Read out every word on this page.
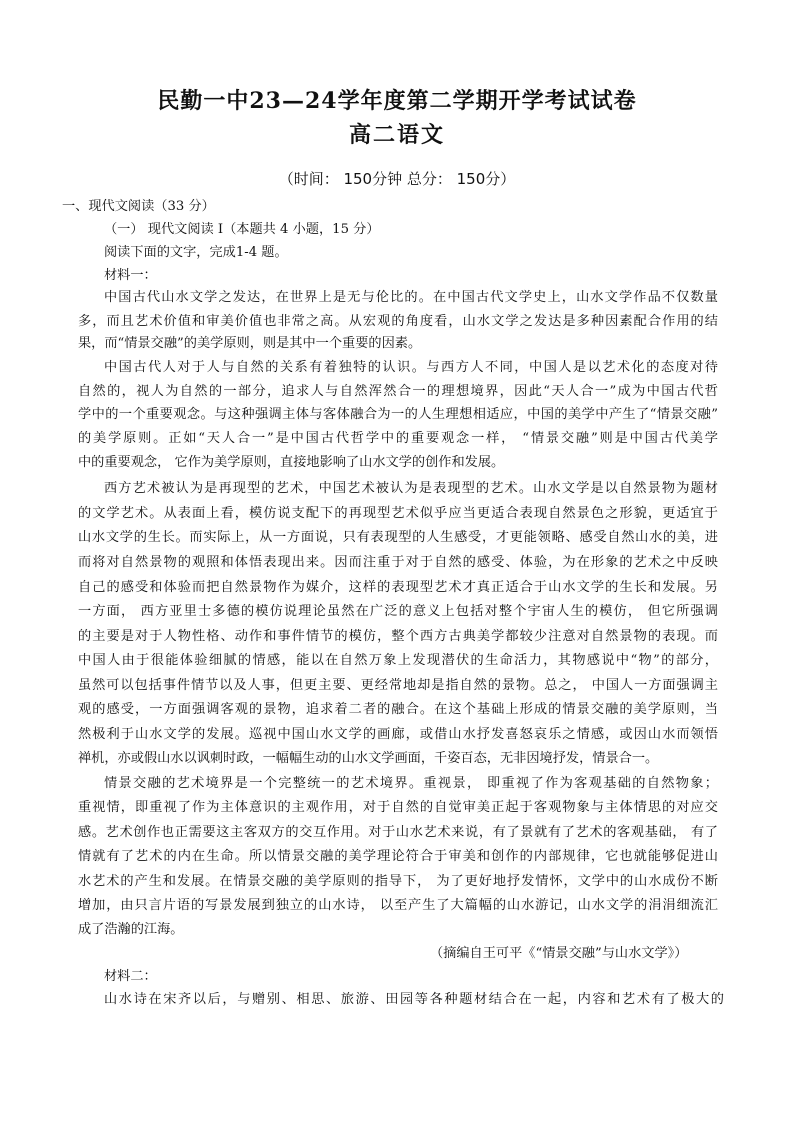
民勤一中23—24学年度第二学期开学考试试卷
高二语文
（时间： 150分钟 总分： 150分）
一、现代文阅读（33 分）
（一） 现代文阅读 I（本题共 4 小题，15 分）
阅读下面的文字，完成1-4 题。
材料一：
中国古代山水文学之发达，在世界上是无与伦比的。在中国古代文学史上，山水文学作品不仅数量
多，而且艺术价值和审美价值也非常之高。从宏观的角度看，山水文学之发达是多种因素配合作用的结
果，而“情景交融”的美学原则，则是其中一个重要的因素。
中国古代人对于人与自然的关系有着独特的认识。与西方人不同，中国人是以艺术化的态度对待
自然的，视人为自然的一部分，追求人与自然浑然合一的理想境界，因此“天人合一”成为中国古代哲
学中的一个重要观念。与这种强调主体与客体融合为一的人生理想相适应，中国的美学中产生了“情景交融”
的美学原则。正如“天人合一”是中国古代哲学中的重要观念一样， “情景交融”则是中国古代美学
中的重要观念， 它作为美学原则，直接地影响了山水文学的创作和发展。
西方艺术被认为是再现型的艺术，中国艺术被认为是表现型的艺术。山水文学是以自然景物为题材
的文学艺术。从表面上看，模仿说支配下的再现型艺术似乎应当更适合表现自然景色之形貌，更适宜于
山水文学的生长。而实际上，从一方面说，只有表现型的人生感受，才更能领略、感受自然山水的美，进
而将对自然景物的观照和体悟表现出来。因而注重于对于自然的感受、体验，为在形象的艺术之中反映
自己的感受和体验而把自然景物作为媒介，这样的表现型艺术才真正适合于山水文学的生长和发展。另
一方面， 西方亚里士多德的模仿说理论虽然在广泛的意义上包括对整个宇宙人生的模仿， 但它所强调
的主要是对于人物性格、动作和事件情节的模仿，整个西方古典美学都较少注意对自然景物的表现。而
中国人由于很能体验细腻的情感，能以在自然万象上发现潜伏的生命活力，其物感说中“物”的部分，
虽然可以包括事件情节以及人事，但更主要、更经常地却是指自然的景物。总之， 中国人一方面强调主
观的感受，一方面强调客观的景物，追求着二者的融合。在这个基础上形成的情景交融的美学原则，当
然极利于山水文学的发展。巡视中国山水文学的画廊，或借山水抒发喜怒哀乐之情感，或因山水而领悟
禅机，亦或假山水以讽刺时政，一幅幅生动的山水文学画面，千姿百态，无非因境抒发，情景合一。
情景交融的艺术境界是一个完整统一的艺术境界。重视景， 即重视了作为客观基础的自然物象；
重视情，即重视了作为主体意识的主观作用，对于自然的自觉审美正起于客观物象与主体情思的对应交
感。艺术创作也正需要这主客双方的交互作用。对于山水艺术来说，有了景就有了艺术的客观基础， 有了
情就有了艺术的内在生命。所以情景交融的美学理论符合于审美和创作的内部规律，它也就能够促进山
水艺术的产生和发展。在情景交融的美学原则的指导下， 为了更好地抒发情怀，文学中的山水成份不断
增加，由只言片语的写景发展到独立的山水诗， 以至产生了大篇幅的山水游记，山水文学的涓涓细流汇
成了浩瀚的江海。
（摘编自王可平《“情景交融”与山水文学》）
材料二：
山水诗在宋齐以后，与赠别、相思、旅游、田园等各种题材结合在一起，内容和艺术有了极大的
